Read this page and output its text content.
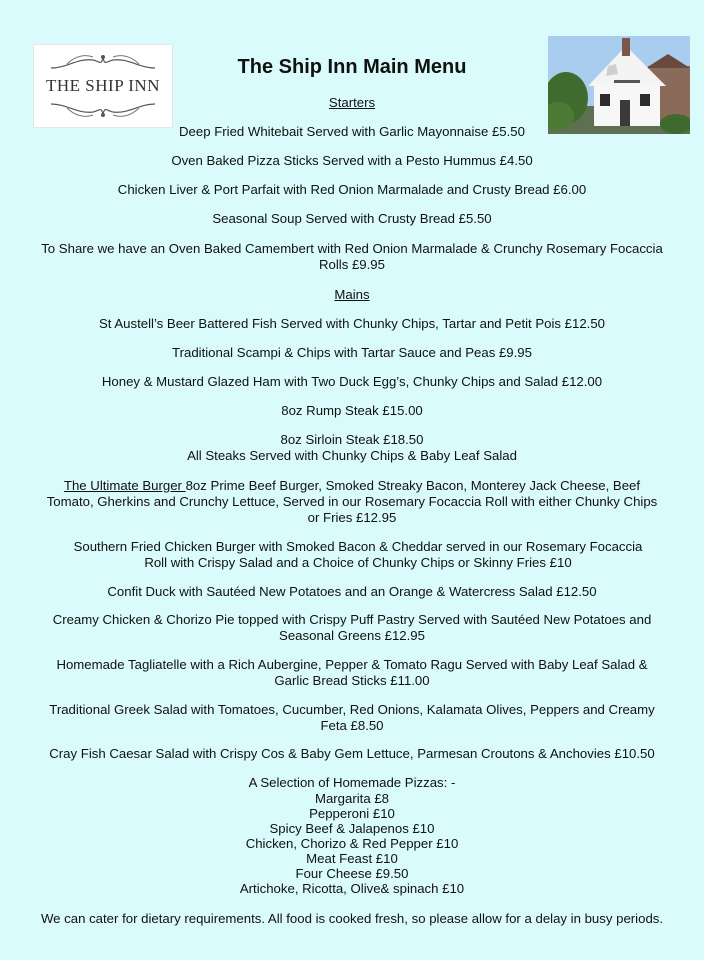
THE SHIP INN
The Ship Inn Main Menu

Starters

Deep Fried Whitebait Served with Garlic Mayonnaise £5.50

Oven Baked Pizza Sticks Served with a Pesto Hummus £4.50

Chicken Liver & Port Parfait with Red Onion Marmalade and Crusty Bread £6.00

Seasonal Soup Served with Crusty Bread £5.50

To Share we have an Oven Baked Camembert with Red Onion Marmalade & Crunchy Rosemary Focaccia

Rolls £9.95

Mains

St Austell’s Beer Battered Fish Served with Chunky Chips, Tartar and Petit Pois £12.50

Traditional Scampi & Chips with Tartar Sauce and Peas £9.95

Honey & Mustard Glazed Ham with Two Duck Egg’s, Chunky Chips and Salad £12.00

8oz Rump Steak £15.00

8oz Sirloin Steak £18.50

All Steaks Served with Chunky Chips & Baby Leaf Salad

The Ultimate Burger 8oz Prime Beef Burger, Smoked Streaky Bacon, Monterey Jack Cheese, Beef

Tomato, Gherkins and Crunchy Lettuce, Served in our Rosemary Focaccia Roll with either Chunky Chips

or Fries £12.95

Southern Fried Chicken Burger with Smoked Bacon & Cheddar served in our Rosemary Focaccia

Roll with Crispy Salad and a Choice of Chunky Chips or Skinny Fries £10

Confit Duck with Sautéed New Potatoes and an Orange & Watercress Salad £12.50

Creamy Chicken & Chorizo Pie topped with Crispy Puff Pastry Served with Sautéed New Potatoes and

Seasonal Greens £12.95

Homemade Tagliatelle with a Rich Aubergine, Pepper & Tomato Ragu Served with Baby Leaf Salad &

Garlic Bread Sticks £11.00

Traditional Greek Salad with Tomatoes, Cucumber, Red Onions, Kalamata Olives, Peppers and Creamy

Feta £8.50

Cray Fish Caesar Salad with Crispy Cos & Baby Gem Lettuce, Parmesan Croutons & Anchovies £10.50

A Selection of Homemade Pizzas: -

Margarita £8

Pepperoni £10

Spicy Beef & Jalapenos £10

Chicken, Chorizo & Red Pepper £10

Meat Feast £10

Four Cheese £9.50

Artichoke, Ricotta, Olive& spinach £10

We can cater for dietary requirements. All food is cooked fresh, so please allow for a delay in busy periods.
